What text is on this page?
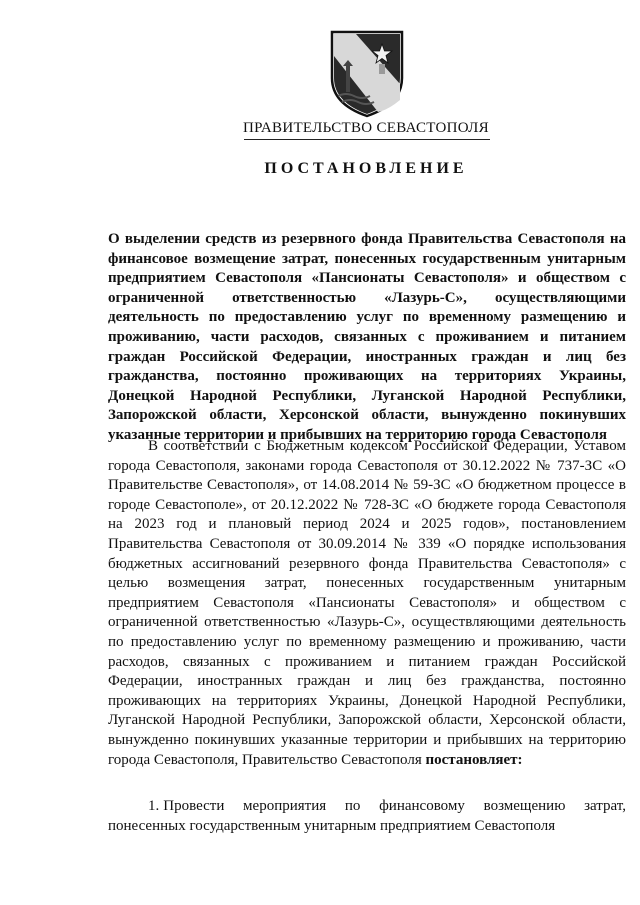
ПРАВИТЕЛЬСТВО СЕВАСТОПОЛЯ
ПОСТАНОВЛЕНИЕ
О выделении средств из резервного фонда Правительства Севастополя на финансовое возмещение затрат, понесенных государственным унитарным предприятием Севастополя «Пансионаты Севастополя» и обществом с ограниченной ответственностью «Лазурь-С», осуществляющими деятельность по предоставлению услуг по временному размещению и проживанию, части расходов, связанных с проживанием и питанием граждан Российской Федерации, иностранных граждан и лиц без гражданства, постоянно проживающих на территориях Украины, Донецкой Народной Республики, Луганской Народной Республики, Запорожской области, Херсонской области, вынужденно покинувших указанные территории и прибывших на территорию города Севастополя
В соответствии с Бюджетным кодексом Российской Федерации, Уставом города Севастополя, законами города Севастополя от 30.12.2022 № 737-ЗС «О Правительстве Севастополя», от 14.08.2014 № 59-ЗС «О бюджетном процессе в городе Севастополе», от 20.12.2022 № 728-ЗС «О бюджете города Севастополя на 2023 год и плановый период 2024 и 2025 годов», постановлением Правительства Севастополя от 30.09.2014 № 339 «О порядке использования бюджетных ассигнований резервного фонда Правительства Севастополя» с целью возмещения затрат, понесенных государственным унитарным предприятием Севастополя «Пансионаты Севастополя» и обществом с ограниченной ответственностью «Лазурь-С», осуществляющими деятельность по предоставлению услуг по временному размещению и проживанию, части расходов, связанных с проживанием и питанием граждан Российской Федерации, иностранных граждан и лиц без гражданства, постоянно проживающих на территориях Украины, Донецкой Народной Республики, Луганской Народной Республики, Запорожской области, Херсонской области, вынужденно покинувших указанные территории и прибывших на территорию города Севастополя, Правительство Севастополя постановляет:
1. Провести мероприятия по финансовому возмещению затрат, понесенных государственным унитарным предприятием Севастополя
